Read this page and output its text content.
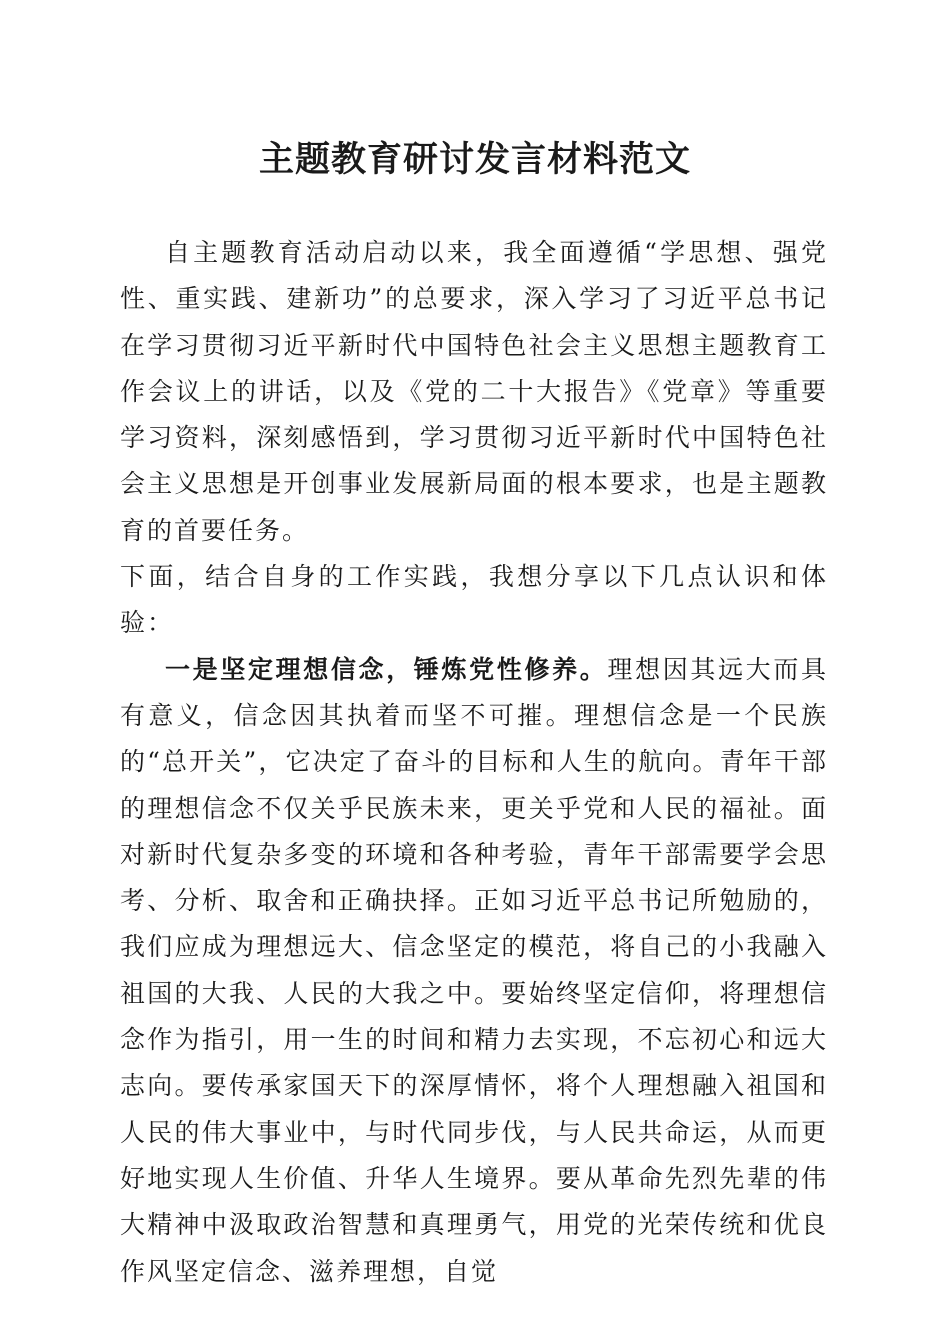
主题教育研讨发言材料范文

自主题教育活动启动以来，我全面遵循“学思想、强党性、重实践、建新功”的总要求，深入学习了习近平总书记在学习贯彻习近平新时代中国特色社会主义思想主题教育工作会议上的讲话，以及《党的二十大报告》《党章》等重要学习资料，深刻感悟到，学习贯彻习近平新时代中国特色社会主义思想是开创事业发展新局面的根本要求，也是主题教育的首要任务。

下面，结合自身的工作实践，我想分享以下几点认识和体验：

一是坚定理想信念，锤炼党性修养。理想因其远大而具有意义，信念因其执着而坚不可摧。理想信念是一个民族的“总开关”，它决定了奋斗的目标和人生的航向。青年干部的理想信念不仅关乎民族未来，更关乎党和人民的福祉。面对新时代复杂多变的环境和各种考验，青年干部需要学会思考、分析、取舍和正确抉择。正如习近平总书记所勉励的，我们应成为理想远大、信念坚定的模范，将自己的小我融入祖国的大我、人民的大我之中。要始终坚定信仰，将理想信念作为指引，用一生的时间和精力去实现，不忘初心和远大志向。要传承家国天下的深厚情怀，将个人理想融入祖国和人民的伟大事业中，与时代同步伐，与人民共命运，从而更好地实现人生价值、升华人生境界。要从革命先烈先辈的伟大精神中汲取政治智慧和真理勇气，用党的光荣传统和优良作风坚定信念、滋养理想，自觉
